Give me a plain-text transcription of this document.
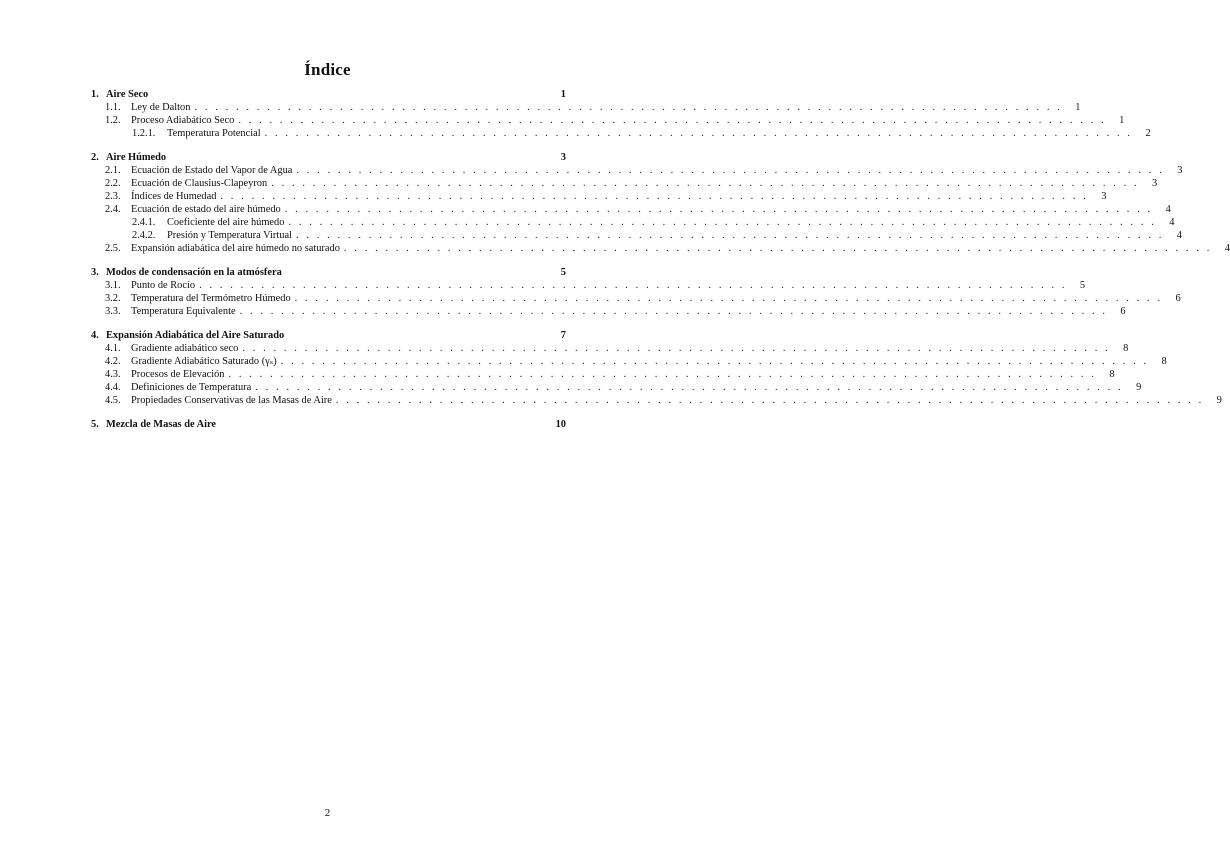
Índice
1. Aire Seco	1
1.1.	Ley de Dalton . . .	1
1.2.	Proceso Adiabático Seco . . .	1
1.2.1.	Temperatura Potencial . . .	2
2. Aire Húmedo	3
2.1.	Ecuación de Estado del Vapor de Agua . . .	3
2.2.	Ecuación de Clausius-Clapeyron . . .	3
2.3.	Índices de Humedad . . .	3
2.4.	Ecuación de estado del aire húmedo . . .	4
2.4.1.	Coeficiente del aire húmedo . . .	4
2.4.2.	Presión y Temperatura Virtual . . .	4
2.5.	Expansión adiabática del aire húmedo no saturado . . .	4
3. Modos de condensación en la atmósfera	5
3.1.	Punto de Rocío . . .	5
3.2.	Temperatura del Termómetro Húmedo . . .	6
3.3.	Temperatura Equivalente . . .	6
4. Expansión Adiabática del Aire Saturado	7
4.1.	Gradiente adiabático seco . . .	8
4.2.	Gradiente Adiabático Saturado (γₛ) . . .	8
4.3.	Procesos de Elevación . . .	8
4.4.	Definiciones de Temperatura . . .	9
4.5.	Propiedades Conservativas de las Masas de Aire . . .	9
5. Mezcla de Masas de Aire	10
2
